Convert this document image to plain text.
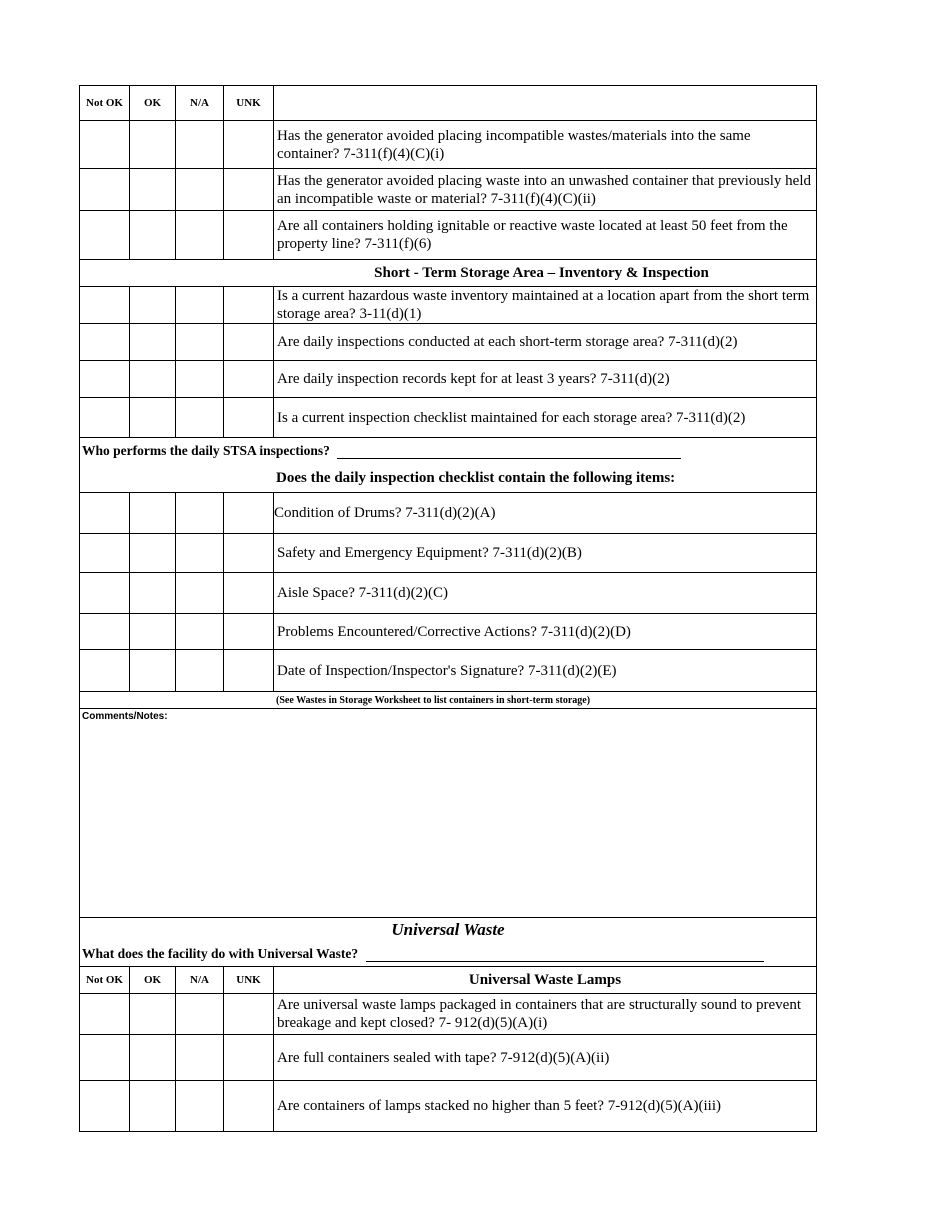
Not OK	OK	N/A	UNK	
				Has the generator avoided placing incompatible wastes/materials into the same container? 7-311(f)(4)(C)(i)
				Has the generator avoided placing waste into an unwashed container that previously held an incompatible waste or material? 7-311(f)(4)(C)(ii)
				Are all containers holding ignitable or reactive waste located at least 50 feet from the property line? 7-311(f)(6)
Short - Term Storage Area – Inventory & Inspection				
				Is a current hazardous waste inventory maintained at a location apart from the short term storage area? 3-11(d)(1)
				Are daily inspections conducted at each short-term storage area? 7-311(d)(2)
				Are daily inspection records kept for at least 3 years? 7-311(d)(2)
				Is a current inspection checklist maintained for each storage area? 7-311(d)(2)
Who performs the daily STSA inspections?				
Does the daily inspection checklist contain the following items:				
				Condition of Drums? 7-311(d)(2)(A)
				Safety and Emergency Equipment? 7-311(d)(2)(B)
				Aisle Space? 7-311(d)(2)(C)
				Problems Encountered/Corrective Actions? 7-311(d)(2)(D)
				Date of Inspection/Inspector's Signature? 7-311(d)(2)(E)
(See Wastes in Storage Worksheet to list containers in short-term storage)				
Comments/Notes:				
Universal Waste				
What does the facility do with Universal Waste?				
Not OK	OK	N/A	UNK	Universal Waste Lamps
				Are universal waste lamps packaged in containers that are structurally sound to prevent breakage and kept closed? 7- 912(d)(5)(A)(i)
				Are full containers sealed with tape? 7-912(d)(5)(A)(ii)
				Are containers of lamps stacked no higher than 5 feet? 7-912(d)(5)(A)(iii)
